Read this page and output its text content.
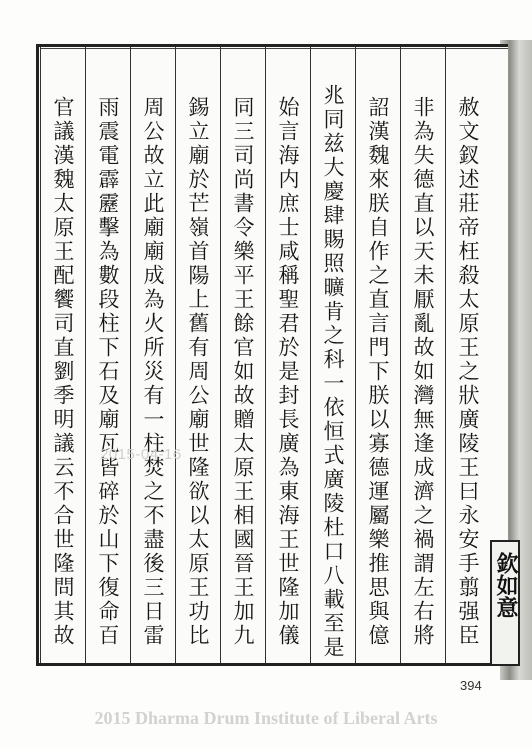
赦文釵述莊帝枉殺太原王之狀廣陵王曰永安手翦强臣
非為失德直以天未厭亂故如灣無逢成濟之禍謂左右將
詔漢魏來朕自作之直言門下朕以寡德運屬樂推思與億
兆同兹大慶肆賜照曠肯之科一依恒式廣陵杜口八載至是
始言海内庶士咸稱聖君於是封長廣為東海王世隆加儀
同三司尚書令樂平王餘官如故贈太原王相國晉王加九
錫立廟於芒嶺首陽上舊有周公廟世隆欲以太原王功比
周公故立此廟廟成為火所災有一柱焚之不盡後三日雷
雨震電霹靂擊為數段柱下石及廟瓦皆碎於山下復命百
官議漢魏太原王配饗司直劉季明議云不合世隆問其故	欽如意
2015-04-16
394
2015 Dharma Drum Institute of Liberal Arts
